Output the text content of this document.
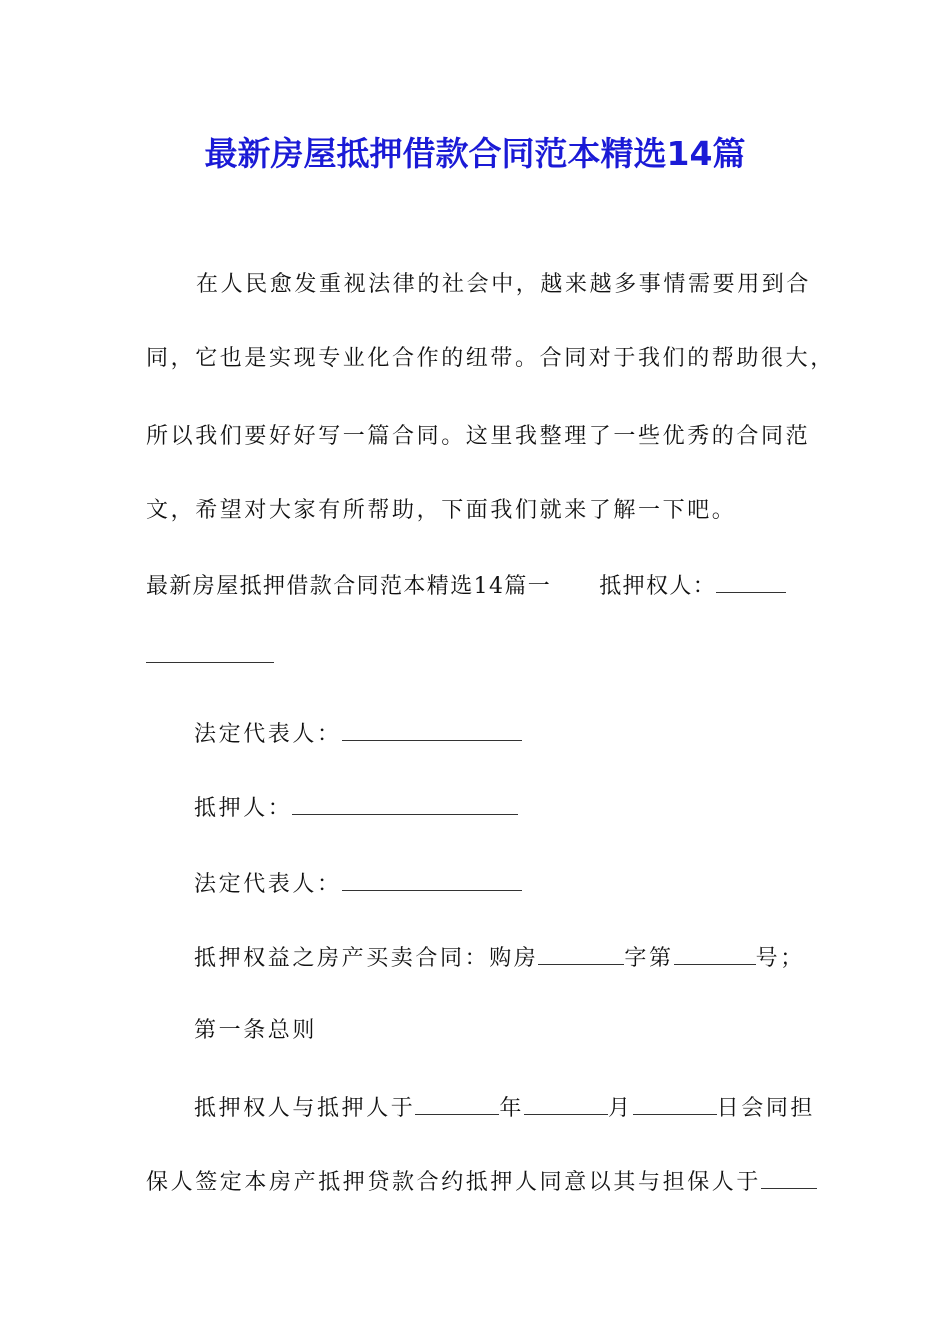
最新房屋抵押借款合同范本精选14篇
在人民愈发重视法律的社会中，越来越多事情需要用到合
同，它也是实现专业化合作的纽带。合同对于我们的帮助很大，
所以我们要好好写一篇合同。这里我整理了一些优秀的合同范
文，希望对大家有所帮助，下面我们就来了解一下吧。
最新房屋抵押借款合同范本精选14篇一 抵押权人：
法定代表人：
抵押人：
法定代表人：
抵押权益之房产买卖合同：购房	字第	号；
第一条总则
抵押权人与抵押人于	年	月	日会同担
保人签定本房产抵押贷款合约抵押人同意以其与担保人于
